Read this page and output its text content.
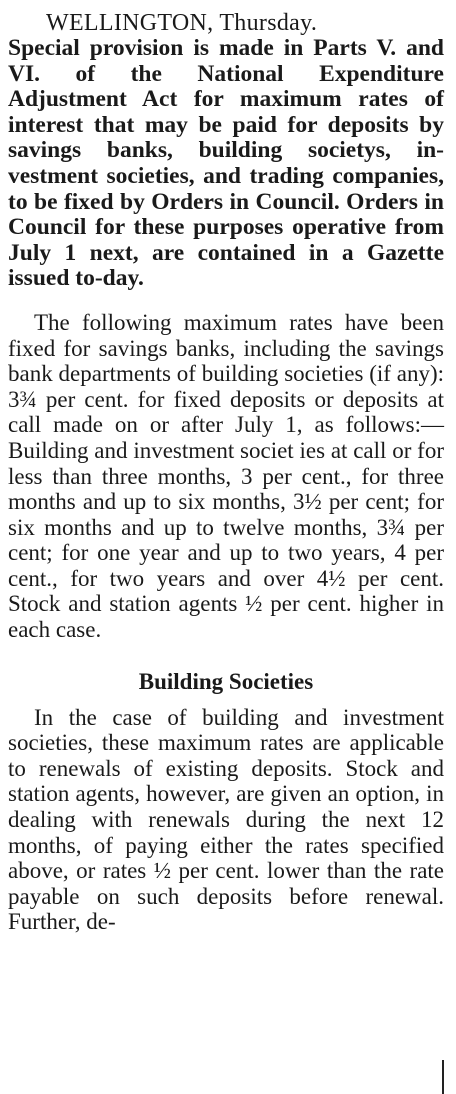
WELLINGTON, Thursday.

Special provision is made in Parts V. and VI. of the National Expenditure Adjustment Act for maximum rates of interest that may be paid for deposits by savings banks, building societys, investment societies, and trading companies, to be fixed by Orders in Council. Orders in Council for these purposes operative from July 1 next, are contained in a Gazette issued to-day.

The following maximum rates have been fixed for savings banks, including the savings bank departments of building societies (if any): 3¾ per cent. for fixed deposits or deposits at call made on or after July 1, as follows:—Building and investment societ ies at call or for less than three months, 3 per cent., for three months and up to six months, 3½ per cent; for six months and up to twelve months, 3¾ per cent; for one year and up to two years, 4 per cent., for two years and over 4½ per cent. Stock and station agents ½ per cent. higher in each case.

Building Societies

In the case of building and investment societies, these maximum rates are applicable to renewals of existing deposits. Stock and station agents, however, are given an option, in dealing with renewals during the next 12 months, of paying either the rates specified above, or rates ½ per cent. lower than the rate payable on such deposits before renewal. Further, de-
